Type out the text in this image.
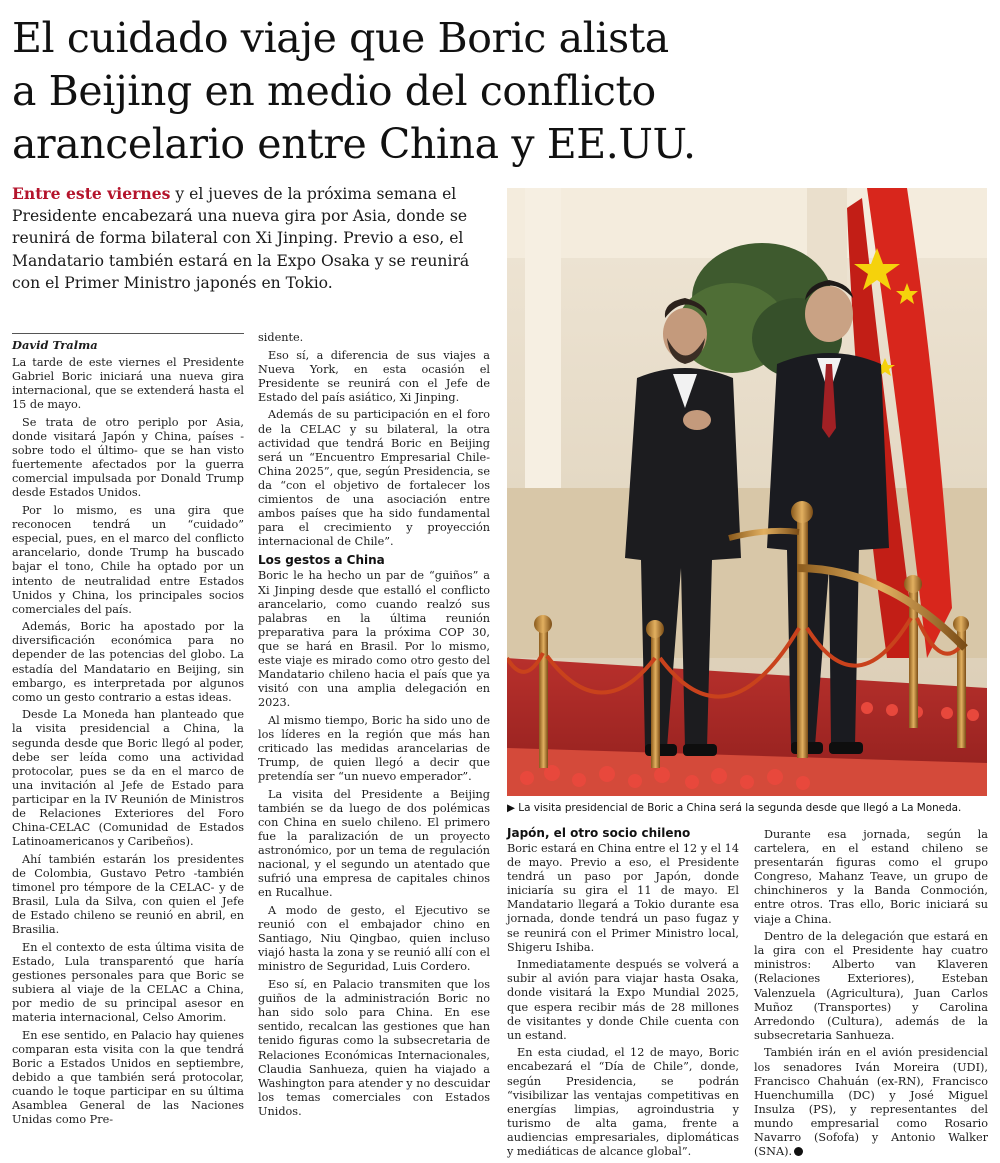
El cuidado viaje que Boric alista
a Beijing en medio del conflicto
arancelario entre China y EE.UU.
Entre este viernes y el jueves de la próxima semana el Presidente encabezará una nueva gira por Asia, donde se reunirá de forma bilateral con Xi Jinping. Previo a eso, el Mandatario también estará en la Expo Osaka y se reunirá con el Primer Ministro japonés en Tokio.
David Tralma

La tarde de este viernes el Presidente Gabriel Boric iniciará una nueva gira internacional, que se extenderá hasta el 15 de mayo.

Se trata de otro periplo por Asia, donde visitará Japón y China, países -sobre todo el último- que se han visto fuertemente afectados por la guerra comercial impulsada por Donald Trump desde Estados Unidos.

Por lo mismo, es una gira que reconocen tendrá un “cuidado” especial, pues, en el marco del conflicto arancelario, donde Trump ha buscado bajar el tono, Chile ha optado por un intento de neutralidad entre Estados Unidos y China, los principales socios comerciales del país.

Además, Boric ha apostado por la diversificación económica para no depender de las potencias del globo. La estadía del Mandatario en Beijing, sin embargo, es interpretada por algunos como un gesto contrario a estas ideas.

Desde La Moneda han planteado que la visita presidencial a China, la segunda desde que Boric llegó al poder, debe ser leída como una actividad protocolar, pues se da en el marco de una invitación al Jefe de Estado para participar en la IV Reunión de Ministros de Relaciones Exteriores del Foro China-CELAC (Comunidad de Estados Latinoamericanos y Caribeños).

Ahí también estarán los presidentes de Colombia, Gustavo Petro -también timonel pro témpore de la CELAC- y de Brasil, Lula da Silva, con quien el Jefe de Estado chileno se reunió en abril, en Brasilia.

En el contexto de esta última visita de Estado, Lula transparentó que haría gestiones personales para que Boric se subiera al viaje de la CELAC a China, por medio de su principal asesor en materia internacional, Celso Amorim.

En ese sentido, en Palacio hay quienes comparan esta visita con la que tendrá Boric a Estados Unidos en septiembre, debido a que también será protocolar, cuando le toque participar en su última Asamblea General de las Naciones Unidas como Pre-

sidente.

Eso sí, a diferencia de sus viajes a Nueva York, en esta ocasión el Presidente se reunirá con el Jefe de Estado del país asiático, Xi Jinping.

Además de su participación en el foro de la CELAC y su bilateral, la otra actividad que tendrá Boric en Beijing será un “Encuentro Empresarial Chile-China 2025”, que, según Presidencia, se da “con el objetivo de fortalecer los cimientos de una asociación entre ambos países que ha sido fundamental para el crecimiento y proyección internacional de Chile”.

Los gestos a China

Boric le ha hecho un par de “guiños” a Xi Jinping desde que estalló el conflicto arancelario, como cuando realzó sus palabras en la última reunión preparativa para la próxima COP 30, que se hará en Brasil. Por lo mismo, este viaje es mirado como otro gesto del Mandatario chileno hacia el país que ya visitó con una amplia delegación en 2023.

Al mismo tiempo, Boric ha sido uno de los líderes en la región que más han criticado las medidas arancelarias de Trump, de quien llegó a decir que pretendía ser “un nuevo emperador”.

La visita del Presidente a Beijing también se da luego de dos polémicas con China en suelo chileno. El primero fue la paralización de un proyecto astronómico, por un tema de regulación nacional, y el segundo un atentado que sufrió una empresa de capitales chinos en Rucalhue.

A modo de gesto, el Ejecutivo se reunió con el embajador chino en Santiago, Niu Qingbao, quien incluso viajó hasta la zona y se reunió allí con el ministro de Seguridad, Luis Cordero.

Eso sí, en Palacio transmiten que los guiños de la administración Boric no han sido solo para China. En ese sentido, recalcan las gestiones que han tenido figuras como la subsecretaria de Relaciones Económicas Internacionales, Claudia Sanhueza, quien ha viajado a Washington para atender y no descuidar los temas comerciales con Estados Unidos.

▶ La visita presidencial de Boric a China será la segunda desde que llegó a La Moneda.
Japón, el otro socio chileno

Boric estará en China entre el 12 y el 14 de mayo. Previo a eso, el Presidente tendrá un paso por Japón, donde iniciaría su gira el 11 de mayo. El Mandatario llegará a Tokio durante esa jornada, donde tendrá un paso fugaz y se reunirá con el Primer Ministro local, Shigeru Ishiba.

Inmediatamente después se volverá a subir al avión para viajar hasta Osaka, donde visitará la Expo Mundial 2025, que espera recibir más de 28 millones de visitantes y donde Chile cuenta con un estand.

En esta ciudad, el 12 de mayo, Boric encabezará el “Día de Chile”, donde, según Presidencia, se podrán “visibilizar las ventajas competitivas en energías limpias, agroindustria y turismo de alta gama, frente a audiencias empresariales, diplomáticas y mediáticas de alcance global”.

Durante esa jornada, según la cartelera, en el estand chileno se presentarán figuras como el grupo Congreso, Mahanz Teave, un grupo de chinchineros y la Banda Conmoción, entre otros. Tras ello, Boric iniciará su viaje a China.

Dentro de la delegación que estará en la gira con el Presidente hay cuatro ministros: Alberto van Klaveren (Relaciones Exteriores), Esteban Valenzuela (Agricultura), Juan Carlos Muñoz (Transportes) y Carolina Arredondo (Cultura), además de la subsecretaria Sanhueza.

También irán en el avión presidencial los senadores Iván Moreira (UDI), Francisco Chahuán (ex-RN), Francisco Huenchumilla (DC) y José Miguel Insulza (PS), y representantes del mundo empresarial como Rosario Navarro (Sofofa) y Antonio Walker (SNA).
